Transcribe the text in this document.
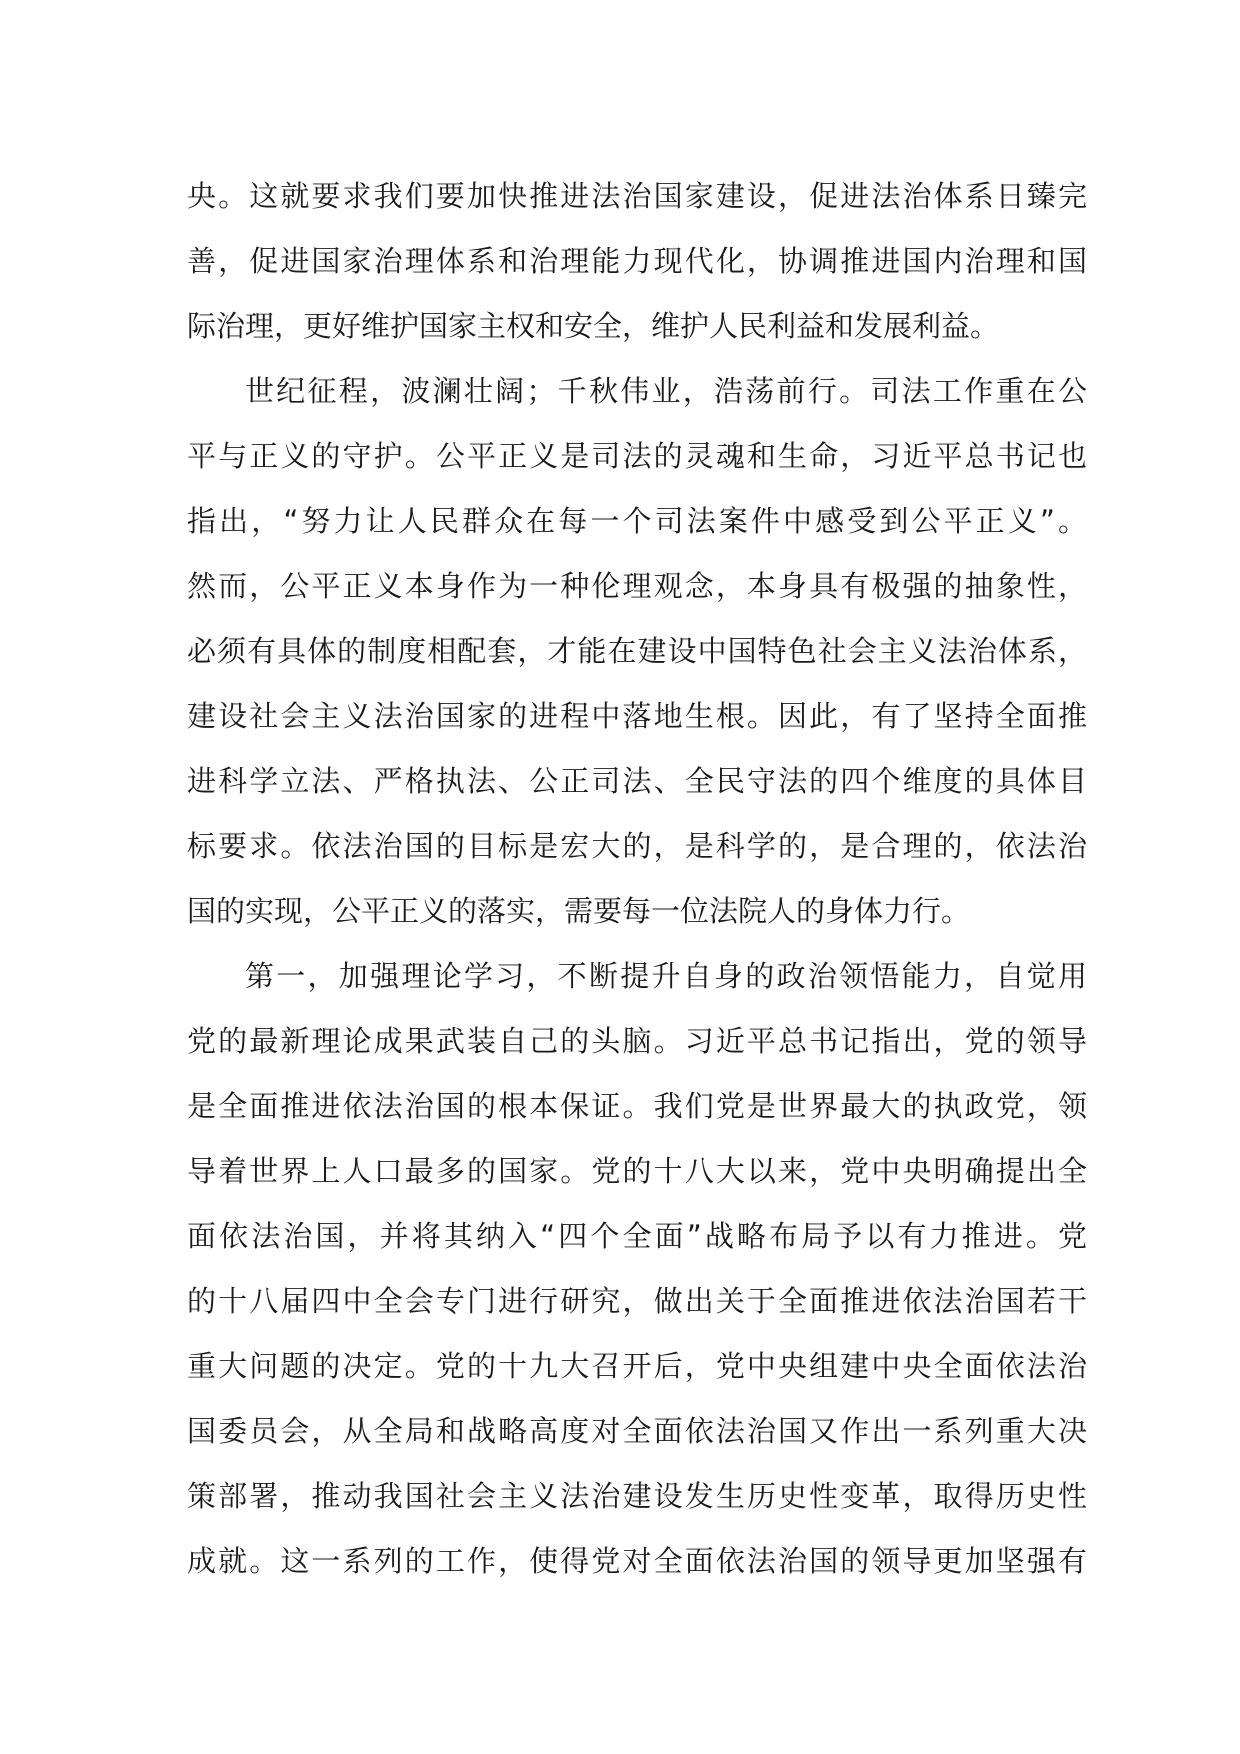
央。这就要求我们要加快推进法治国家建设，促进法治体系日臻完
善，促进国家治理体系和治理能力现代化，协调推进国内治理和国
际治理，更好维护国家主权和安全，维护人民利益和发展利益。
世纪征程，波澜壮阔；千秋伟业，浩荡前行。司法工作重在公
平与正义的守护。公平正义是司法的灵魂和生命，习近平总书记也
指出，“努力让人民群众在每一个司法案件中感受到公平正义”。
然而，公平正义本身作为一种伦理观念，本身具有极强的抽象性，
必须有具体的制度相配套，才能在建设中国特色社会主义法治体系，
建设社会主义法治国家的进程中落地生根。因此，有了坚持全面推
进科学立法、严格执法、公正司法、全民守法的四个维度的具体目
标要求。依法治国的目标是宏大的，是科学的，是合理的，依法治
国的实现，公平正义的落实，需要每一位法院人的身体力行。
第一，加强理论学习，不断提升自身的政治领悟能力，自觉用
党的最新理论成果武装自己的头脑。习近平总书记指出，党的领导
是全面推进依法治国的根本保证。我们党是世界最大的执政党，领
导着世界上人口最多的国家。党的十八大以来，党中央明确提出全
面依法治国，并将其纳入“四个全面”战略布局予以有力推进。党
的十八届四中全会专门进行研究，做出关于全面推进依法治国若干
重大问题的决定。党的十九大召开后，党中央组建中央全面依法治
国委员会，从全局和战略高度对全面依法治国又作出一系列重大决
策部署，推动我国社会主义法治建设发生历史性变革，取得历史性
成就。这一系列的工作，使得党对全面依法治国的领导更加坚强有
